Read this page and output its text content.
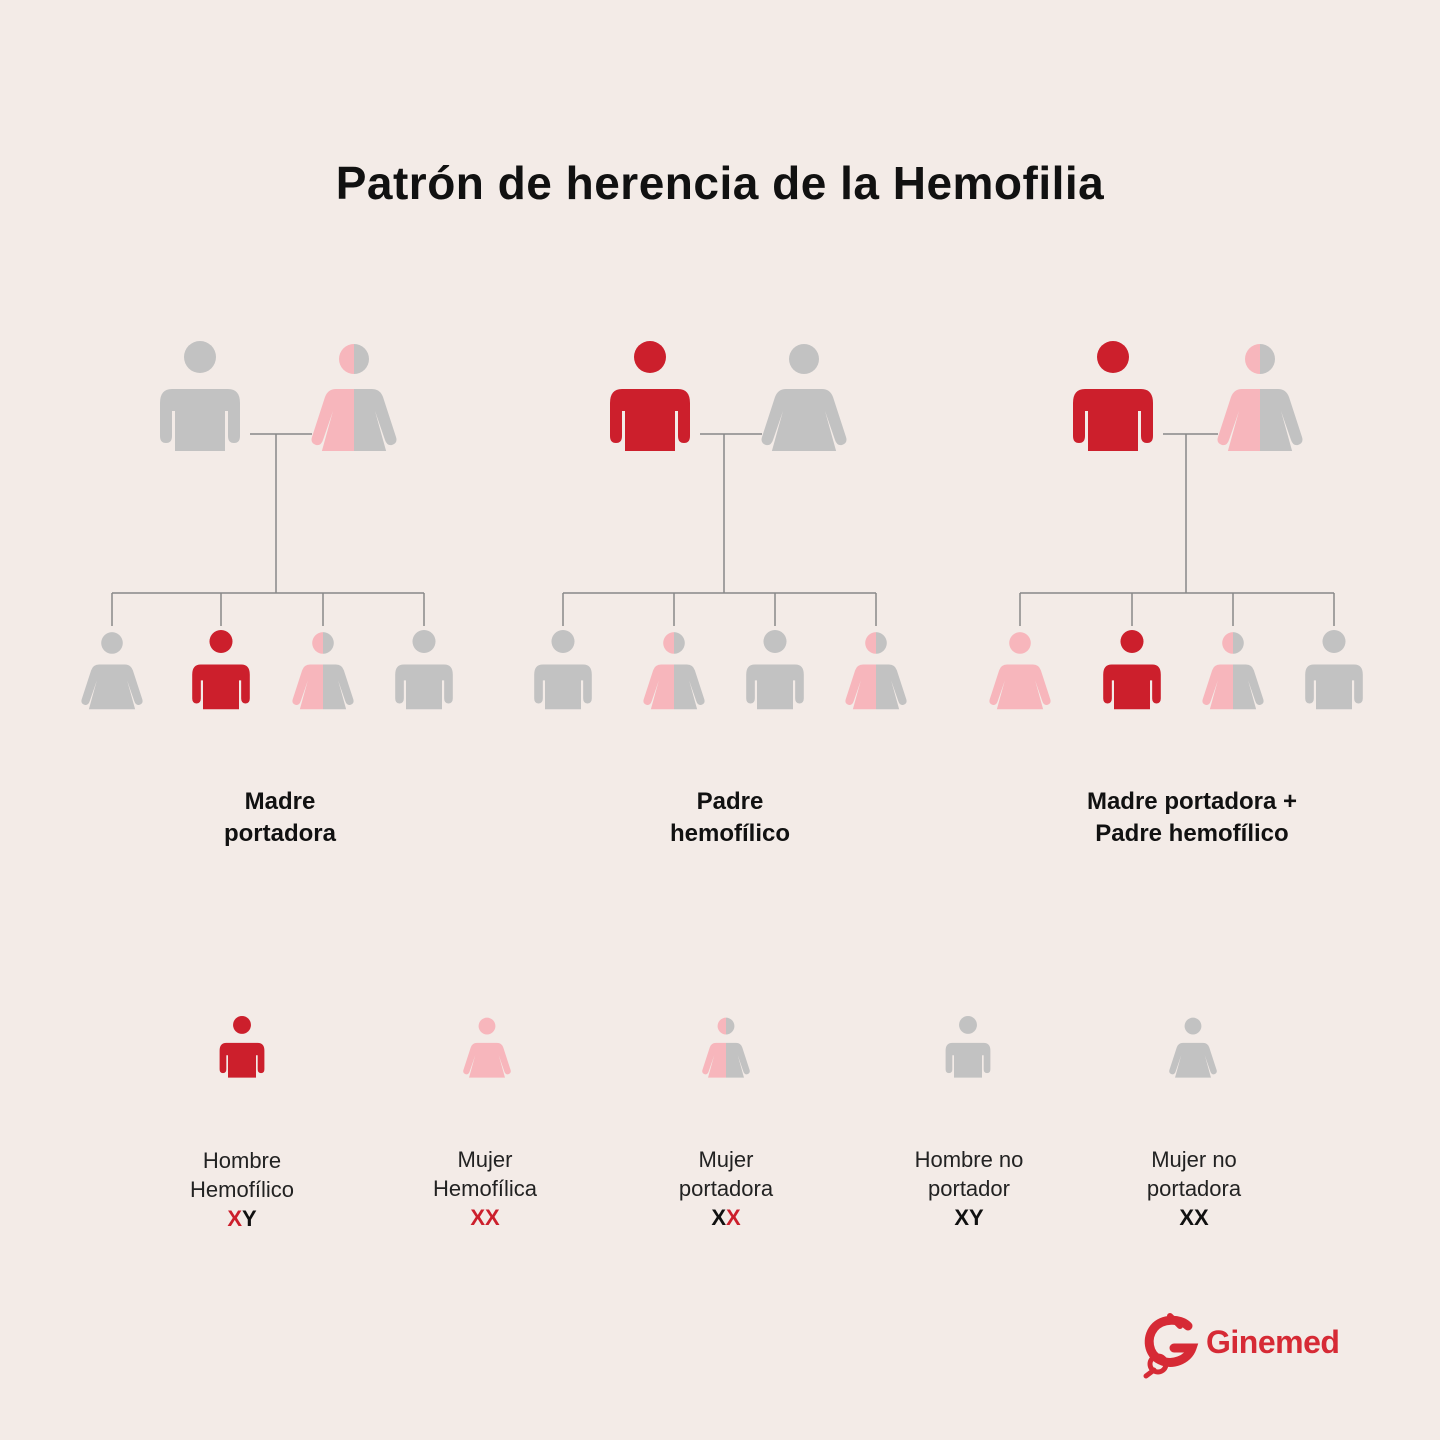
Patrón de herencia de la Hemofilia
Madre
portadora
Padre
hemofílico
Madre portadora +
Padre hemofílico
Hombre
Hemofílico
XY
Mujer
Hemofílica
XX
Mujer
portadora
XX
Hombre no
portador
XY
Mujer no
portadora
XX
Ginemed
